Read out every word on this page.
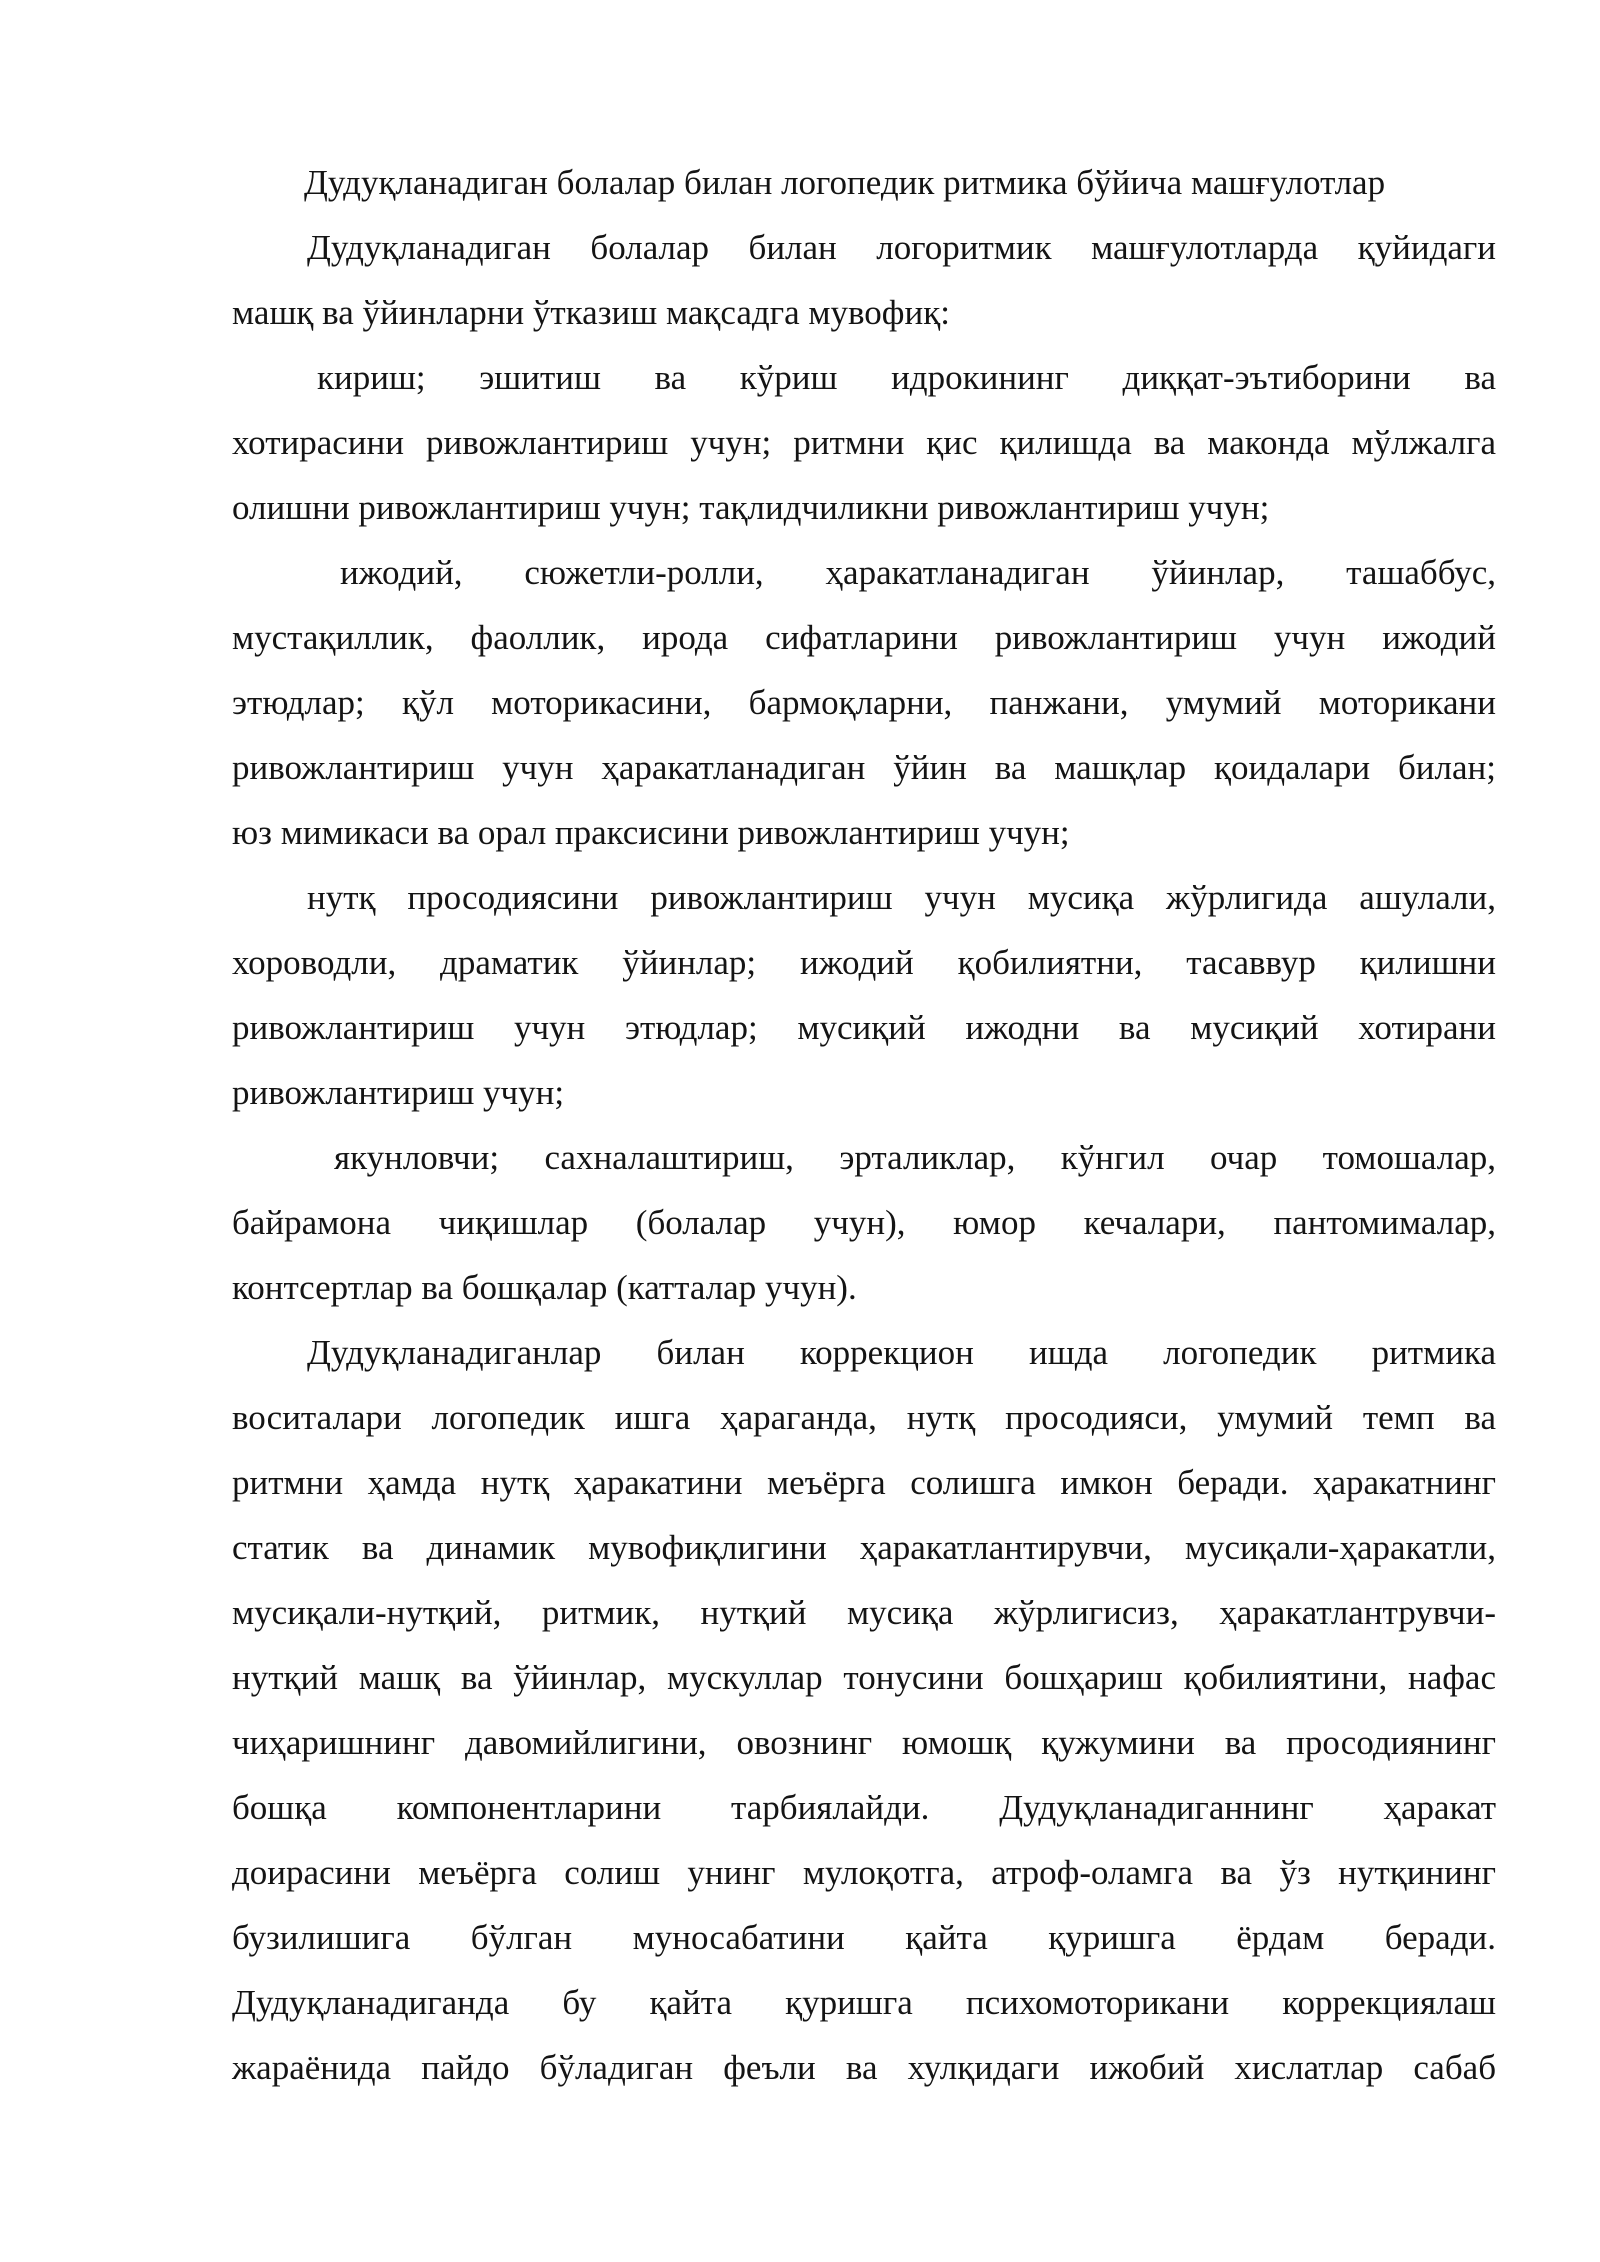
Дудуқланадиган болалар билан логопедик ритмика бўйича машғулотлар

Дудуқланадиган болалар билан логоритмик машғулотларда қуйидаги
машқ ва ўйинларни ўтказиш мақсадга мувофиқ:
кириш; эшитиш ва кўриш идрокининг диққат-эътиборини ва
хотирасини ривожлантириш учун; ритмни қис қилишда ва маконда мўлжалга
олишни ривожлантириш учун; тақлидчиликни ривожлантириш учун;
ижодий, сюжетли-ролли, ҳаракатланадиган ўйинлар, ташаббус,
мустақиллик, фаоллик, ирода сифатларини ривожлантириш учун ижодий
этюдлар; қўл моторикасини, бармоқларни, панжани, умумий моторикани
ривожлантириш учун ҳаракатланадиган ўйин ва машқлар қоидалари билан;
юз мимикаси ва орал праксисини ривожлантириш учун;
нутқ просодиясини ривожлантириш учун мусиқа жўрлигида ашулали,
хороводли, драматик ўйинлар; ижодий қобилиятни, тасаввур қилишни
ривожлантириш учун этюдлар; мусиқий ижодни ва мусиқий хотирани
ривожлантириш учун;
якунловчи; сахналаштириш, эрталиклар, кўнгил очар томошалар,
байрамона чиқишлар (болалар учун), юмор кечалари, пантомималар,
контсертлар ва бошқалар (катталар учун).
Дудуқланадиганлар билан коррекцион ишда логопедик ритмика
воситалари логопедик ишга ҳараганда, нутқ просодияси, умумий темп ва
ритмни ҳамда нутқ ҳаракатини меъёрга солишга имкон беради. ҳаракатнинг
статик ва динамик мувофиқлигини ҳаракатлантирувчи, мусиқали-ҳаракатли,
мусиқали-нутқий, ритмик, нутқий мусиқа жўрлигисиз, ҳаракатлантрувчи-
нутқий машқ ва ўйинлар, мускуллар тонусини бошҳариш қобилиятини, нафас
чиҳаришнинг давомийлигини, овознинг юмошқ қужумини ва просодиянинг
бошқа компонентларини тарбиялайди. Дудуқланадиганнинг ҳаракат
доирасини меъёрга солиш унинг мулоқотга, атроф-оламга ва ўз нутқининг
бузилишига бўлган муносабатини қайта қуришга ёрдам беради.
Дудуқланадиганда бу қайта қуришга психомоторикани коррекциялаш
жараёнида пайдо бўладиган феъли ва хулқидаги ижобий хислатлар сабаб
